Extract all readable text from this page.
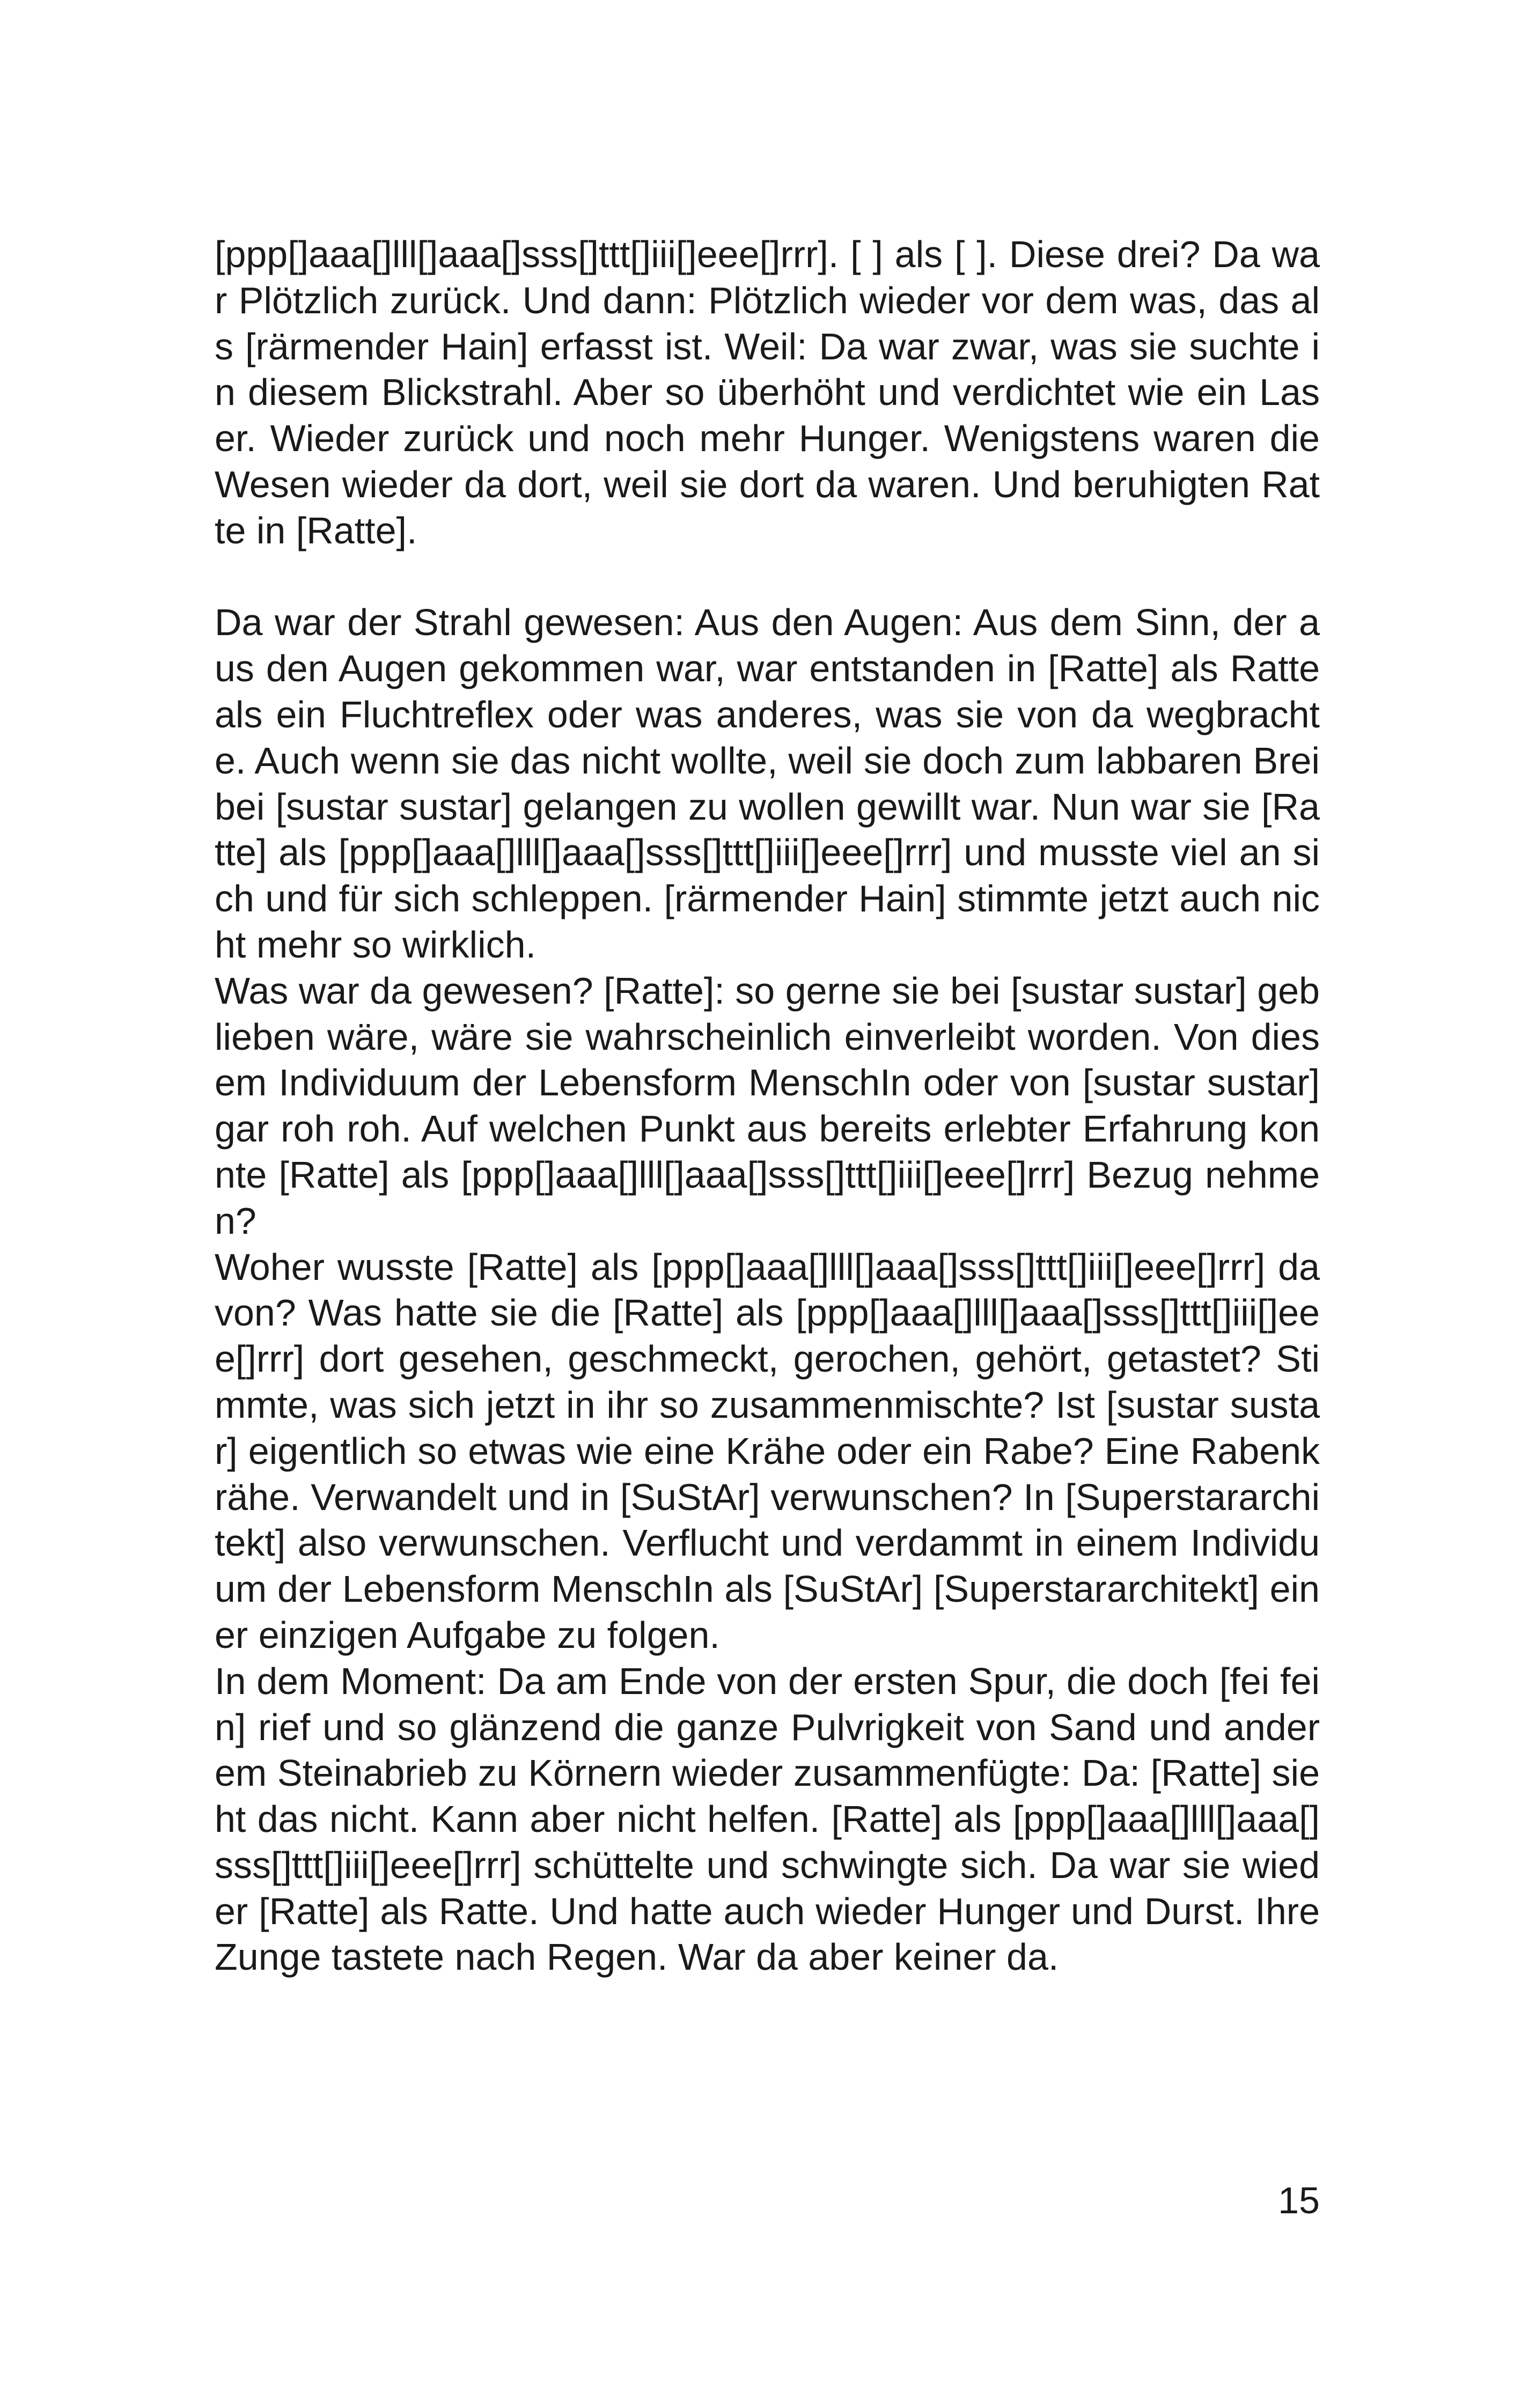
[ppp[]aaa[]lll[]aaa[]sss[]ttt[]iii[]eee[]rrr]. [ ] als [ ]. Diese drei? Da war Plötzlich zurück. Und dann: Plötzlich wieder vor dem was, das als [rärmender Hain] erfasst ist. Weil: Da war zwar, was sie suchte in diesem Blickstrahl. Aber so überhöht und verdichtet wie ein Laser. Wieder zurück und noch mehr Hunger. Wenigstens waren die Wesen wieder da dort, weil sie dort da waren. Und beruhigten Ratte in [Ratte].

Da war der Strahl gewesen: Aus den Augen: Aus dem Sinn, der aus den Augen gekommen war, war entstanden in [Ratte] als Ratte als ein Fluchtreflex oder was anderes, was sie von da wegbrachte. Auch wenn sie das nicht wollte, weil sie doch zum labbaren Brei bei [sustar sustar] gelangen zu wollen gewillt war. Nun war sie [Ratte] als [ppp[]aaa[]lll[]aaa[]sss[]ttt[]iii[]eee[]rrr] und musste viel an sich und für sich schleppen. [rärmender Hain] stimmte jetzt auch nicht mehr so wirklich.

Was war da gewesen? [Ratte]: so gerne sie bei [sustar sustar] geblieben wäre, wäre sie wahrscheinlich einverleibt worden. Von diesem Individuum der Lebensform MenschIn oder von [sustar sustar] gar roh roh. Auf welchen Punkt aus bereits erlebter Erfahrung konnte [Ratte] als [ppp[]aaa[]lll[]aaa[]sss[]ttt[]iii[]eee[]rrr] Bezug nehmen?

Woher wusste [Ratte] als [ppp[]aaa[]lll[]aaa[]sss[]ttt[]iii[]eee[]rrr] davon? Was hatte sie die [Ratte] als [ppp[]aaa[]lll[]aaa[]sss[]ttt[]iii[]eee[]rrr] dort gesehen, geschmeckt, gerochen, gehört, getastet? Stimmte, was sich jetzt in ihr so zusammenmischte? Ist [sustar sustar] eigentlich so etwas wie eine Krähe oder ein Rabe? Eine Rabenkrähe. Verwandelt und in [SuStAr] verwunschen? In [Superstararchitekt] also verwunschen. Verflucht und verdammt in einem Individuum der Lebensform MenschIn als [SuStAr] [Superstararchitekt] einer einzigen Aufgabe zu folgen.

In dem Moment: Da am Ende von der ersten Spur, die doch [fei fein] rief und so glänzend die ganze Pulvrigkeit von Sand und anderem Steinabrieb zu Körnern wieder zusammenfügte: Da: [Ratte] sieht das nicht. Kann aber nicht helfen. [Ratte] als [ppp[]aaa[]lll[]aaa[]sss[]ttt[]iii[]eee[]rrr] schüttelte und schwingte sich. Da war sie wieder [Ratte] als Ratte. Und hatte auch wieder Hunger und Durst. Ihre Zunge tastete nach Regen. War da aber keiner da.

15
